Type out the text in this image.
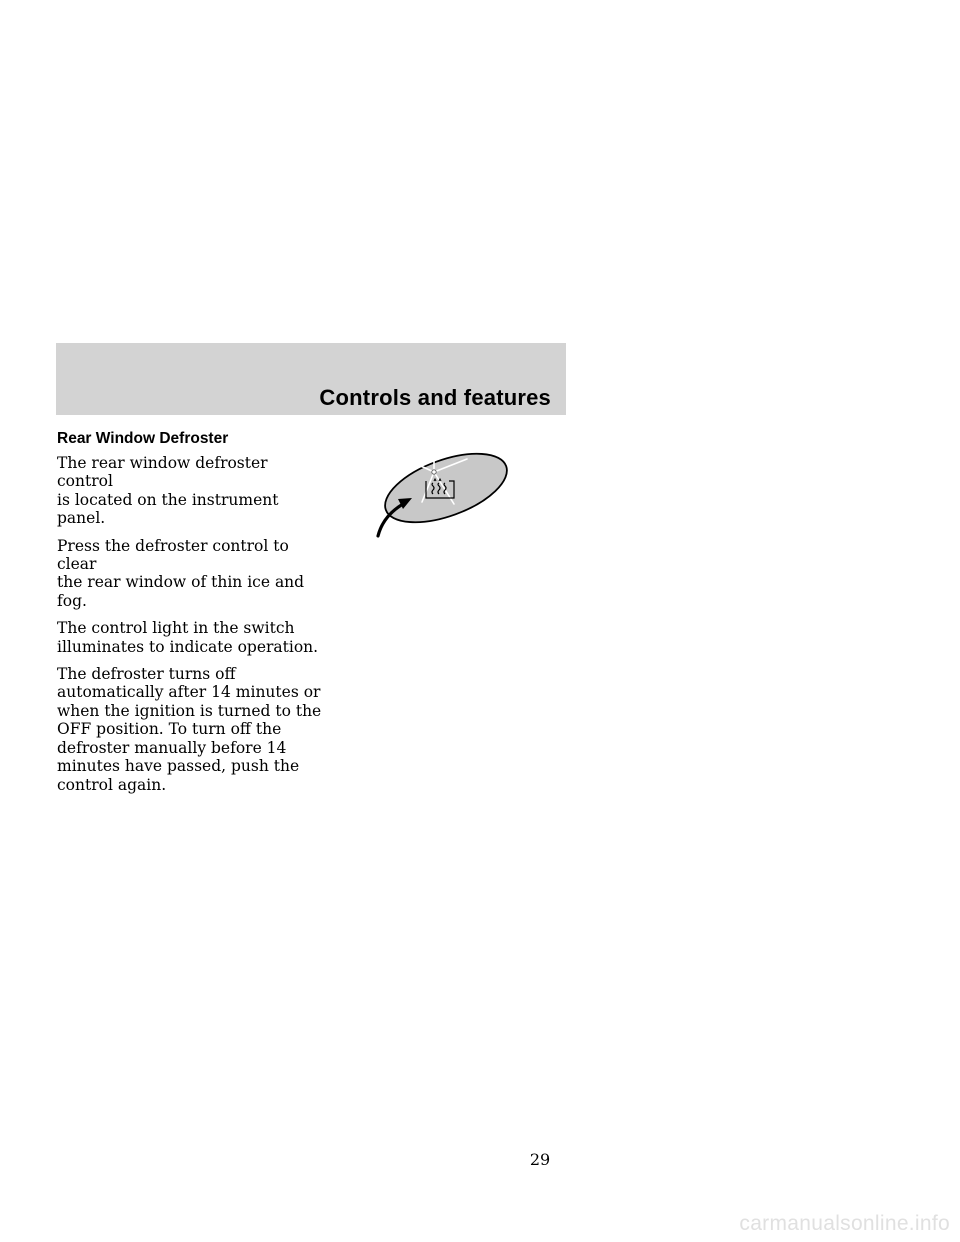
Controls and features
Rear Window Defroster

The rear window defroster control
is located on the instrument panel.

Press the defroster control to clear
the rear window of thin ice and fog.

The control light in the switch
illuminates to indicate operation.

The defroster turns off
automatically after 14 minutes or
when the ignition is turned to the
OFF position. To turn off the
defroster manually before 14
minutes have passed, push the
control again.

29
carmanualsonline.info
